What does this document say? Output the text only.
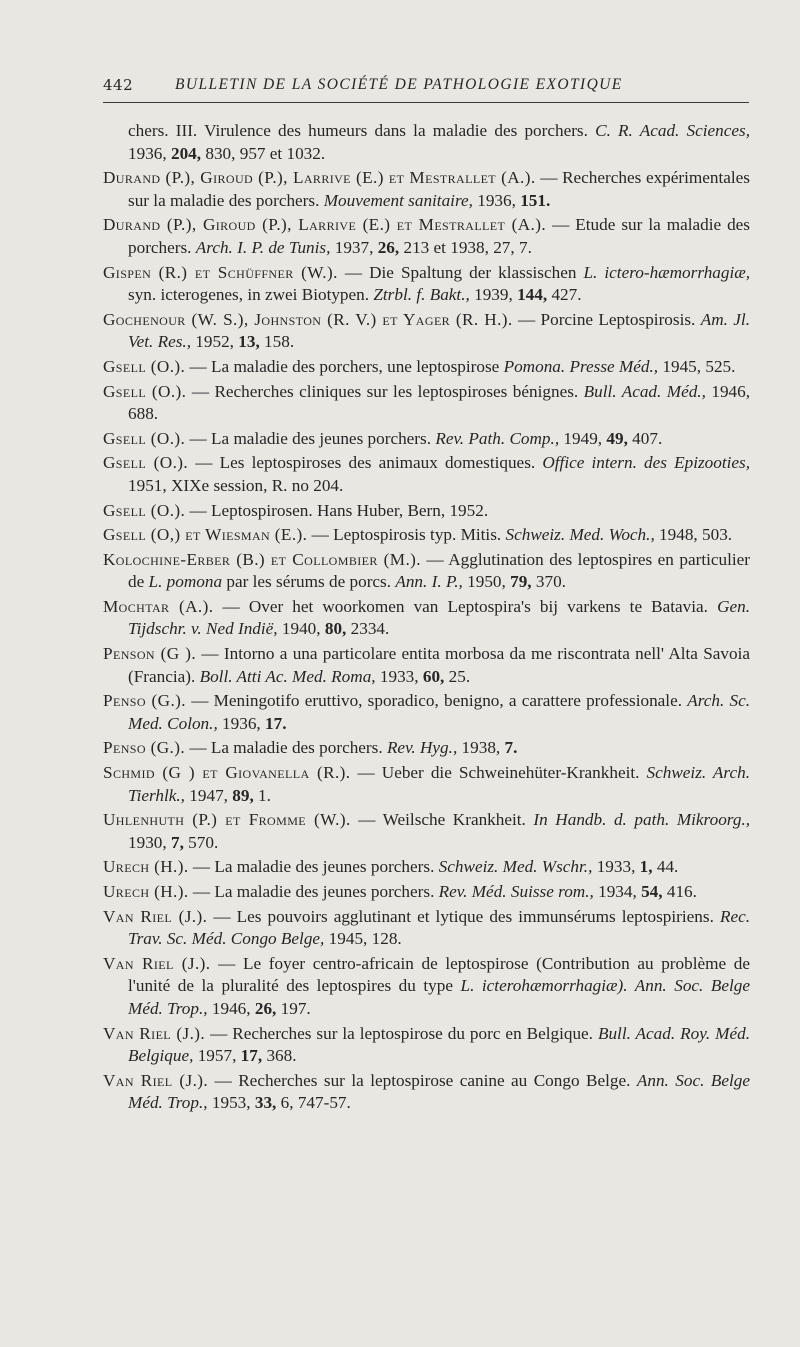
442	BULLETIN DE LA SOCIÉTÉ DE PATHOLOGIE EXOTIQUE

chers. III. Virulence des humeurs dans la maladie des porchers. C. R. Acad. Sciences, 1936, 204, 830, 957 et 1032.

Durand (P.), Giroud (P.), Larrive (E.) et Mestrallet (A.). — Recherches expérimentales sur la maladie des porchers. Mouvement sanitaire, 1936, 151.

Durand (P.), Giroud (P.), Larrive (E.) et Mestrallet (A.). — Etude sur la maladie des porchers. Arch. I. P. de Tunis, 1937, 26, 213 et 1938, 27, 7.

Gispen (R.) et Schüffner (W.). — Die Spaltung der klassischen L. ictero-hæmorrhagiæ, syn. icterogenes, in zwei Biotypen. Ztrbl. f. Bakt., 1939, 144, 427.

Gochenour (W. S.), Johnston (R. V.) et Yager (R. H.). — Porcine Leptospirosis. Am. Jl. Vet. Res., 1952, 13, 158.

Gsell (O.). — La maladie des porchers, une leptospirose Pomona. Presse Méd., 1945, 525.

Gsell (O.). — Recherches cliniques sur les leptospiroses bénignes. Bull. Acad. Méd., 1946, 688.

Gsell (O.). — La maladie des jeunes porchers. Rev. Path. Comp., 1949, 49, 407.

Gsell (O.). — Les leptospiroses des animaux domestiques. Office intern. des Epizooties, 1951, XIXe session, R. no 204.

Gsell (O.). — Leptospirosen. Hans Huber, Bern, 1952.

Gsell (O,) et Wiesman (E.). — Leptospirosis typ. Mitis. Schweiz. Med. Woch., 1948, 503.

Kolochine-Erber (B.) et Collombier (M.). — Agglutination des leptospires en particulier de L. pomona par les sérums de porcs. Ann. I. P., 1950, 79, 370.

Mochtar (A.). — Over het woorkomen van Leptospira's bij varkens te Batavia. Gen. Tijdschr. v. Ned Indië, 1940, 80, 2334.

Penson (G ). — Intorno a una particolare entita morbosa da me riscontrata nell' Alta Savoia (Francia). Boll. Atti Ac. Med. Roma, 1933, 60, 25.

Penso (G.). — Meningotifo eruttivo, sporadico, benigno, a carattere professionale. Arch. Sc. Med. Colon., 1936, 17.

Penso (G.). — La maladie des porchers. Rev. Hyg., 1938, 7.

Schmid (G ) et Giovanella (R.). — Ueber die Schweinehüter-Krankheit. Schweiz. Arch. Tierhlk., 1947, 89, 1.

Uhlenhuth (P.) et Fromme (W.). — Weilsche Krankheit. In Handb. d. path. Mikroorg., 1930, 7, 570.

Urech (H.). — La maladie des jeunes porchers. Schweiz. Med. Wschr., 1933, 1, 44.

Urech (H.). — La maladie des jeunes porchers. Rev. Méd. Suisse rom., 1934, 54, 416.

Van Riel (J.). — Les pouvoirs agglutinant et lytique des immunsérums leptospiriens. Rec. Trav. Sc. Méd. Congo Belge, 1945, 128.

Van Riel (J.). — Le foyer centro-africain de leptospirose (Contribution au problème de l'unité de la pluralité des leptospires du type L. icterohæmorrhagiæ). Ann. Soc. Belge Méd. Trop., 1946, 26, 197.

Van Riel (J.). — Recherches sur la leptospirose du porc en Belgique. Bull. Acad. Roy. Méd. Belgique, 1957, 17, 368.

Van Riel (J.). — Recherches sur la leptospirose canine au Congo Belge. Ann. Soc. Belge Méd. Trop., 1953, 33, 6, 747-57.
